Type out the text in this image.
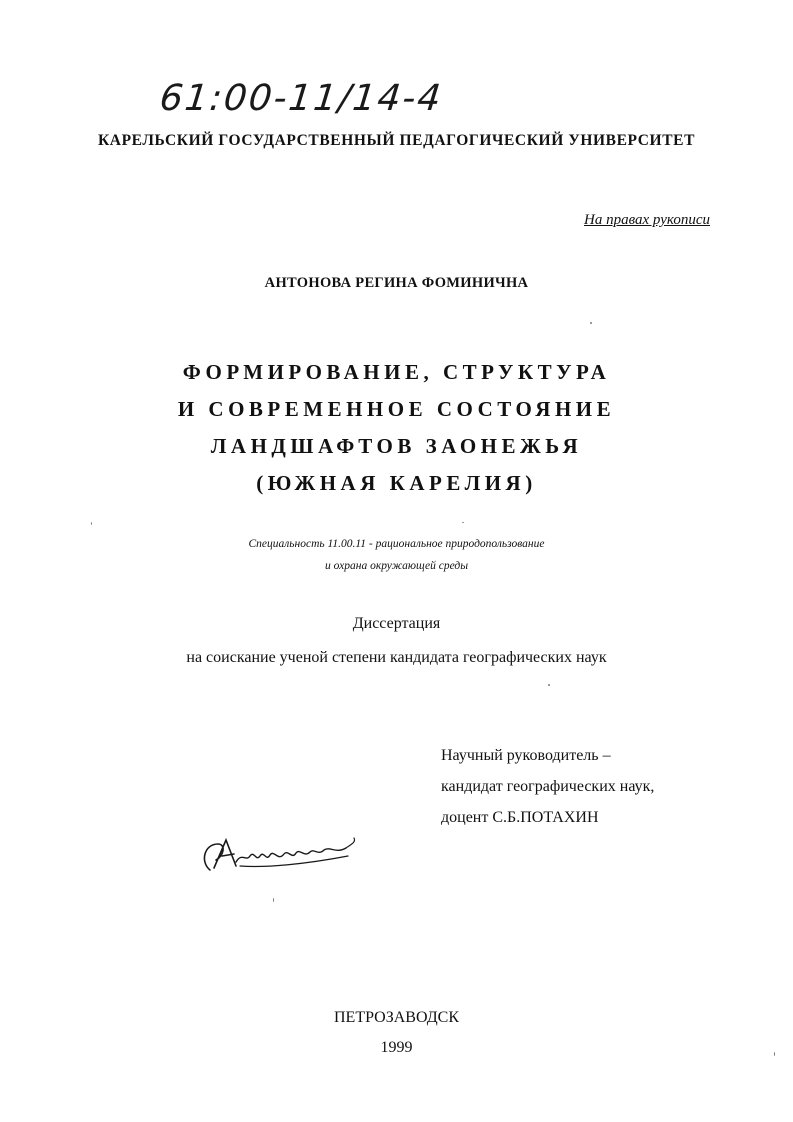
61:00-11/14-4
КАРЕЛЬСКИЙ ГОСУДАРСТВЕННЫЙ ПЕДАГОГИЧЕСКИЙ УНИВЕРСИТЕТ
На правах рукописи
АНТОНОВА РЕГИНА ФОМИНИЧНА
ФОРМИРОВАНИЕ, СТРУКТУРА
И СОВРЕМЕННОЕ СОСТОЯНИЕ
ЛАНДШАФТОВ ЗАОНЕЖЬЯ
(ЮЖНАЯ КАРЕЛИЯ)
Специальность 11.00.11 - рациональное природопользование
и охрана окружающей среды
Диссертация
на соискание ученой степени кандидата географических наук
Научный руководитель –
кандидат географических наук,
доцент С.Б.ПОТАХИН
ПЕТРОЗАВОДСК
1999
